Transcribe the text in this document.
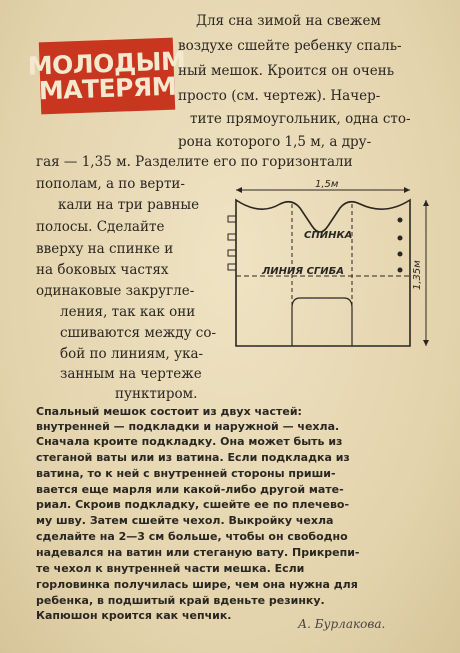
МОЛОДЫМ
МАТЕРЯМ
Для сна зимой на свежем
воздухе сшейте ребенку спаль-
ный мешок. Кроится он очень
просто (см. чертеж). Начер-
тите прямоугольник, одна сто-
рона которого 1,5 м, а дру-
гая — 1,35 м. Разделите его по горизонтали
пополам, а по верти-
кали на три равные
полосы. Сделайте
вверху на спинке и
на боковых частях
одинаковые закругле-
ления, так как они
сшиваются между со-
бой по линиям, ука-
занным на чертеже
пунктиром.
1,5м
1,35м
СПИНКА
ЛИНИЯ СГИБА
Спальный мешок состоит из двух частей:
внутренней — подкладки и наружной — чехла.
Сначала кроите подкладку. Она может быть из
стеганой ваты или из ватина. Если подкладка из
ватина, то к ней с внутренней стороны приши-
вается еще марля или какой-либо другой мате-
риал. Скроив подкладку, сшейте ее по плечево-
му шву. Затем сшейте чехол. Выкройку чехла
сделайте на 2—3 см больше, чтобы он свободно
надевался на ватин или стеганую вату. Прикрепи-
те чехол к внутренней части мешка. Если
горловинка получилась шире, чем она нужна для
ребенка, в подшитый край вденьте резинку.
Капюшон кроится как чепчик.
А. Бурлакова.
